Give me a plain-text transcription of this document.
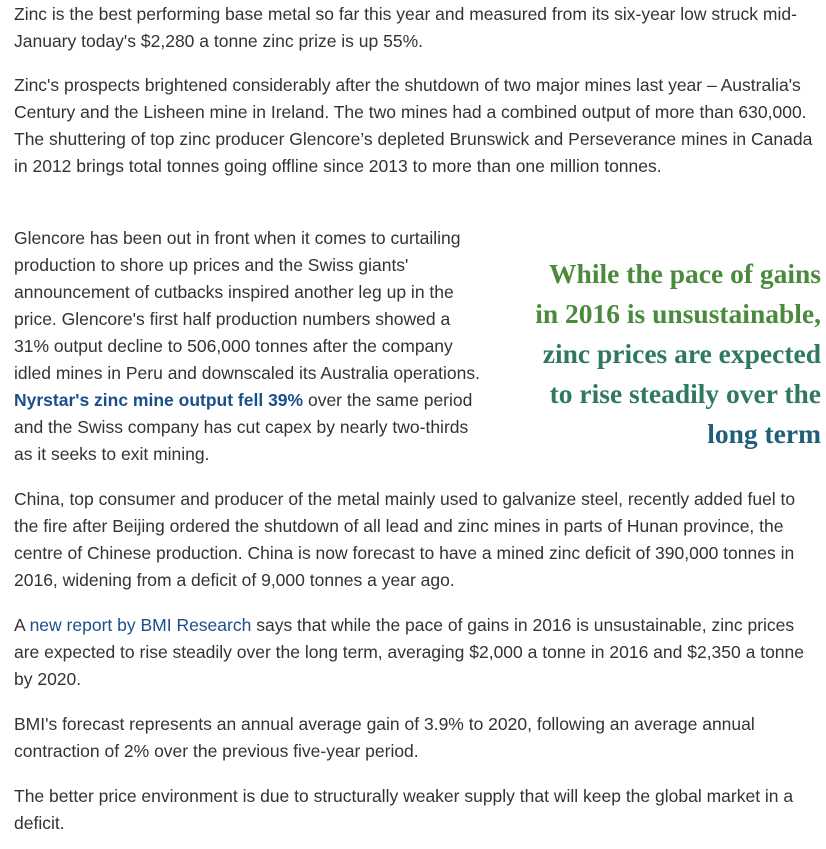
Zinc is the best performing base metal so far this year and measured from its six-year low struck mid-January today's $2,280 a tonne zinc prize is up 55%.

Zinc's prospects brightened considerably after the shutdown of two major mines last year – Australia's Century and the Lisheen mine in Ireland. The two mines had a combined output of more than 630,000. The shuttering of top zinc producer Glencore’s depleted Brunswick and Perseverance mines in Canada in 2012 brings total tonnes going offline since 2013 to more than one million tonnes.

Glencore has been out in front when it comes to curtailing production to shore up prices and the Swiss giants' announcement of cutbacks inspired another leg up in the price. Glencore's first half production numbers showed a 31% output decline to 506,000 tonnes after the company idled mines in Peru and downscaled its Australia operations. Nyrstar's zinc mine output fell 39% over the same period and the Swiss company has cut capex by nearly two-thirds as it seeks to exit mining.

China, top consumer and producer of the metal mainly used to galvanize steel, recently added fuel to the fire after Beijing ordered the shutdown of all lead and zinc mines in parts of Hunan province, the centre of Chinese production. China is now forecast to have a mined zinc deficit of 390,000 tonnes in 2016, widening from a deficit of 9,000 tonnes a year ago.

A new report by BMI Research says that while the pace of gains in 2016 is unsustainable, zinc prices are expected to rise steadily over the long term, averaging $2,000 a tonne in 2016 and $2,350 a tonne by 2020.

BMI's forecast represents an annual average gain of 3.9% to 2020, following an average annual contraction of 2% over the previous five-year period.

The better price environment is due to structurally weaker supply that will keep the global market in a deficit.

While the pace of gains
in 2016 is unsustainable,
zinc prices are expected
to rise steadily over the
long term
